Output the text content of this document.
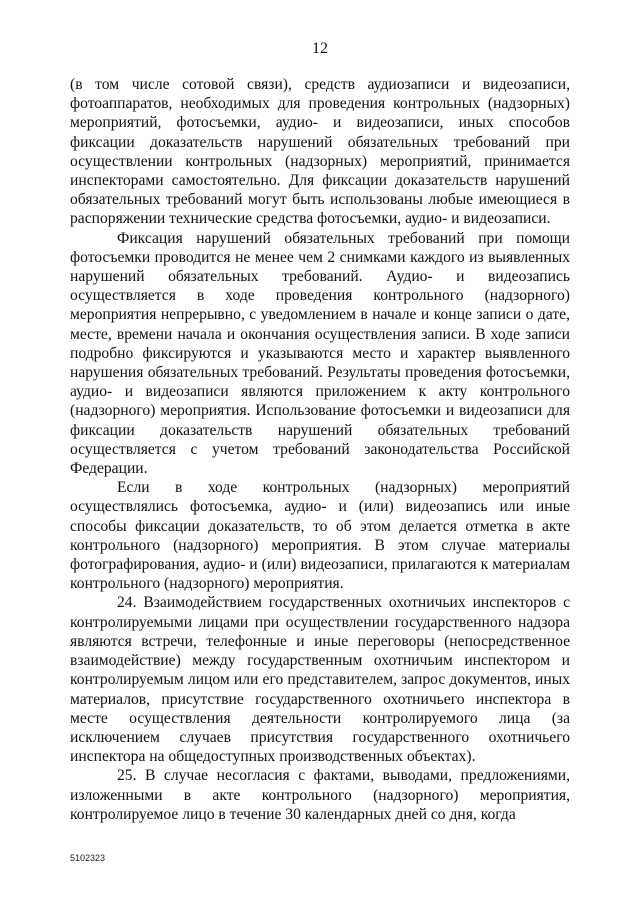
12

(в том числе сотовой связи), средств аудиозаписи и видеозаписи, фотоаппаратов, необходимых для проведения контрольных (надзорных) мероприятий, фотосъемки, аудио- и видеозаписи, иных способов фиксации доказательств нарушений обязательных требований при осуществлении контрольных (надзорных) мероприятий, принимается инспекторами самостоятельно. Для фиксации доказательств нарушений обязательных требований могут быть использованы любые имеющиеся в распоряжении технические средства фотосъемки, аудио- и видеозаписи.

Фиксация нарушений обязательных требований при помощи фотосъемки проводится не менее чем 2 снимками каждого из выявленных нарушений обязательных требований. Аудио- и видеозапись осуществляется в ходе проведения контрольного (надзорного) мероприятия непрерывно, с уведомлением в начале и конце записи о дате, месте, времени начала и окончания осуществления записи. В ходе записи подробно фиксируются и указываются место и характер выявленного нарушения обязательных требований. Результаты проведения фотосъемки, аудио- и видеозаписи являются приложением к акту контрольного (надзорного) мероприятия. Использование фотосъемки и видеозаписи для фиксации доказательств нарушений обязательных требований осуществляется с учетом требований законодательства Российской Федерации.

Если в ходе контрольных (надзорных) мероприятий осуществлялись фотосъемка, аудио- и (или) видеозапись или иные способы фиксации доказательств, то об этом делается отметка в акте контрольного (надзорного) мероприятия. В этом случае материалы фотографирования, аудио- и (или) видеозаписи, прилагаются к материалам контрольного (надзорного) мероприятия.

24. Взаимодействием государственных охотничьих инспекторов с контролируемыми лицами при осуществлении государственного надзора являются встречи, телефонные и иные переговоры (непосредственное взаимодействие) между государственным охотничьим инспектором и контролируемым лицом или его представителем, запрос документов, иных материалов, присутствие государственного охотничьего инспектора в месте осуществления деятельности контролируемого лица (за исключением случаев присутствия государственного охотничьего инспектора на общедоступных производственных объектах).

25. В случае несогласия с фактами, выводами, предложениями, изложенными в акте контрольного (надзорного) мероприятия, контролируемое лицо в течение 30 календарных дней со дня, когда

5102323
